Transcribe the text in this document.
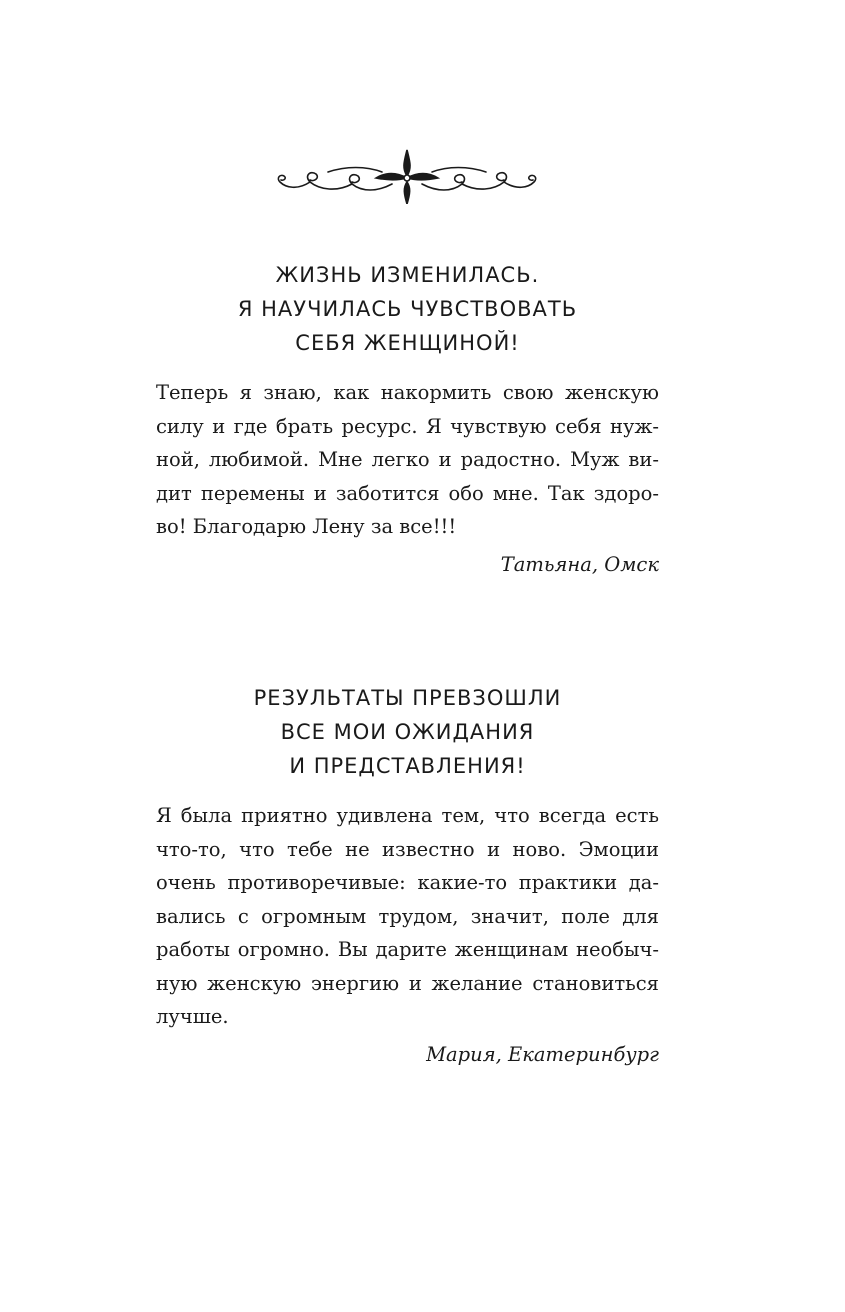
ЖИЗНЬ ИЗМЕНИЛАСЬ.
Я НАУЧИЛАСЬ ЧУВСТВОВАТЬ
СЕБЯ ЖЕНЩИНОЙ!

Теперь я знаю, как накормить свою женскую
силу и где брать ресурс. Я чувствую себя нуж-
ной, любимой. Мне легко и радостно. Муж ви-
дит перемены и заботится обо мне. Так здоро-
во! Благодарю Лену за все!!!

Татьяна, Омск

РЕЗУЛЬТАТЫ ПРЕВЗОШЛИ
ВСЕ МОИ ОЖИДАНИЯ
И ПРЕДСТАВЛЕНИЯ!

Я была приятно удивлена тем, что всегда есть
что-то, что тебе не известно и ново. Эмоции
очень противоречивые: какие-то практики да-
вались с огромным трудом, значит, поле для
работы огромно. Вы дарите женщинам необыч-
ную женскую энергию и желание становиться
лучше.

Мария, Екатеринбург
